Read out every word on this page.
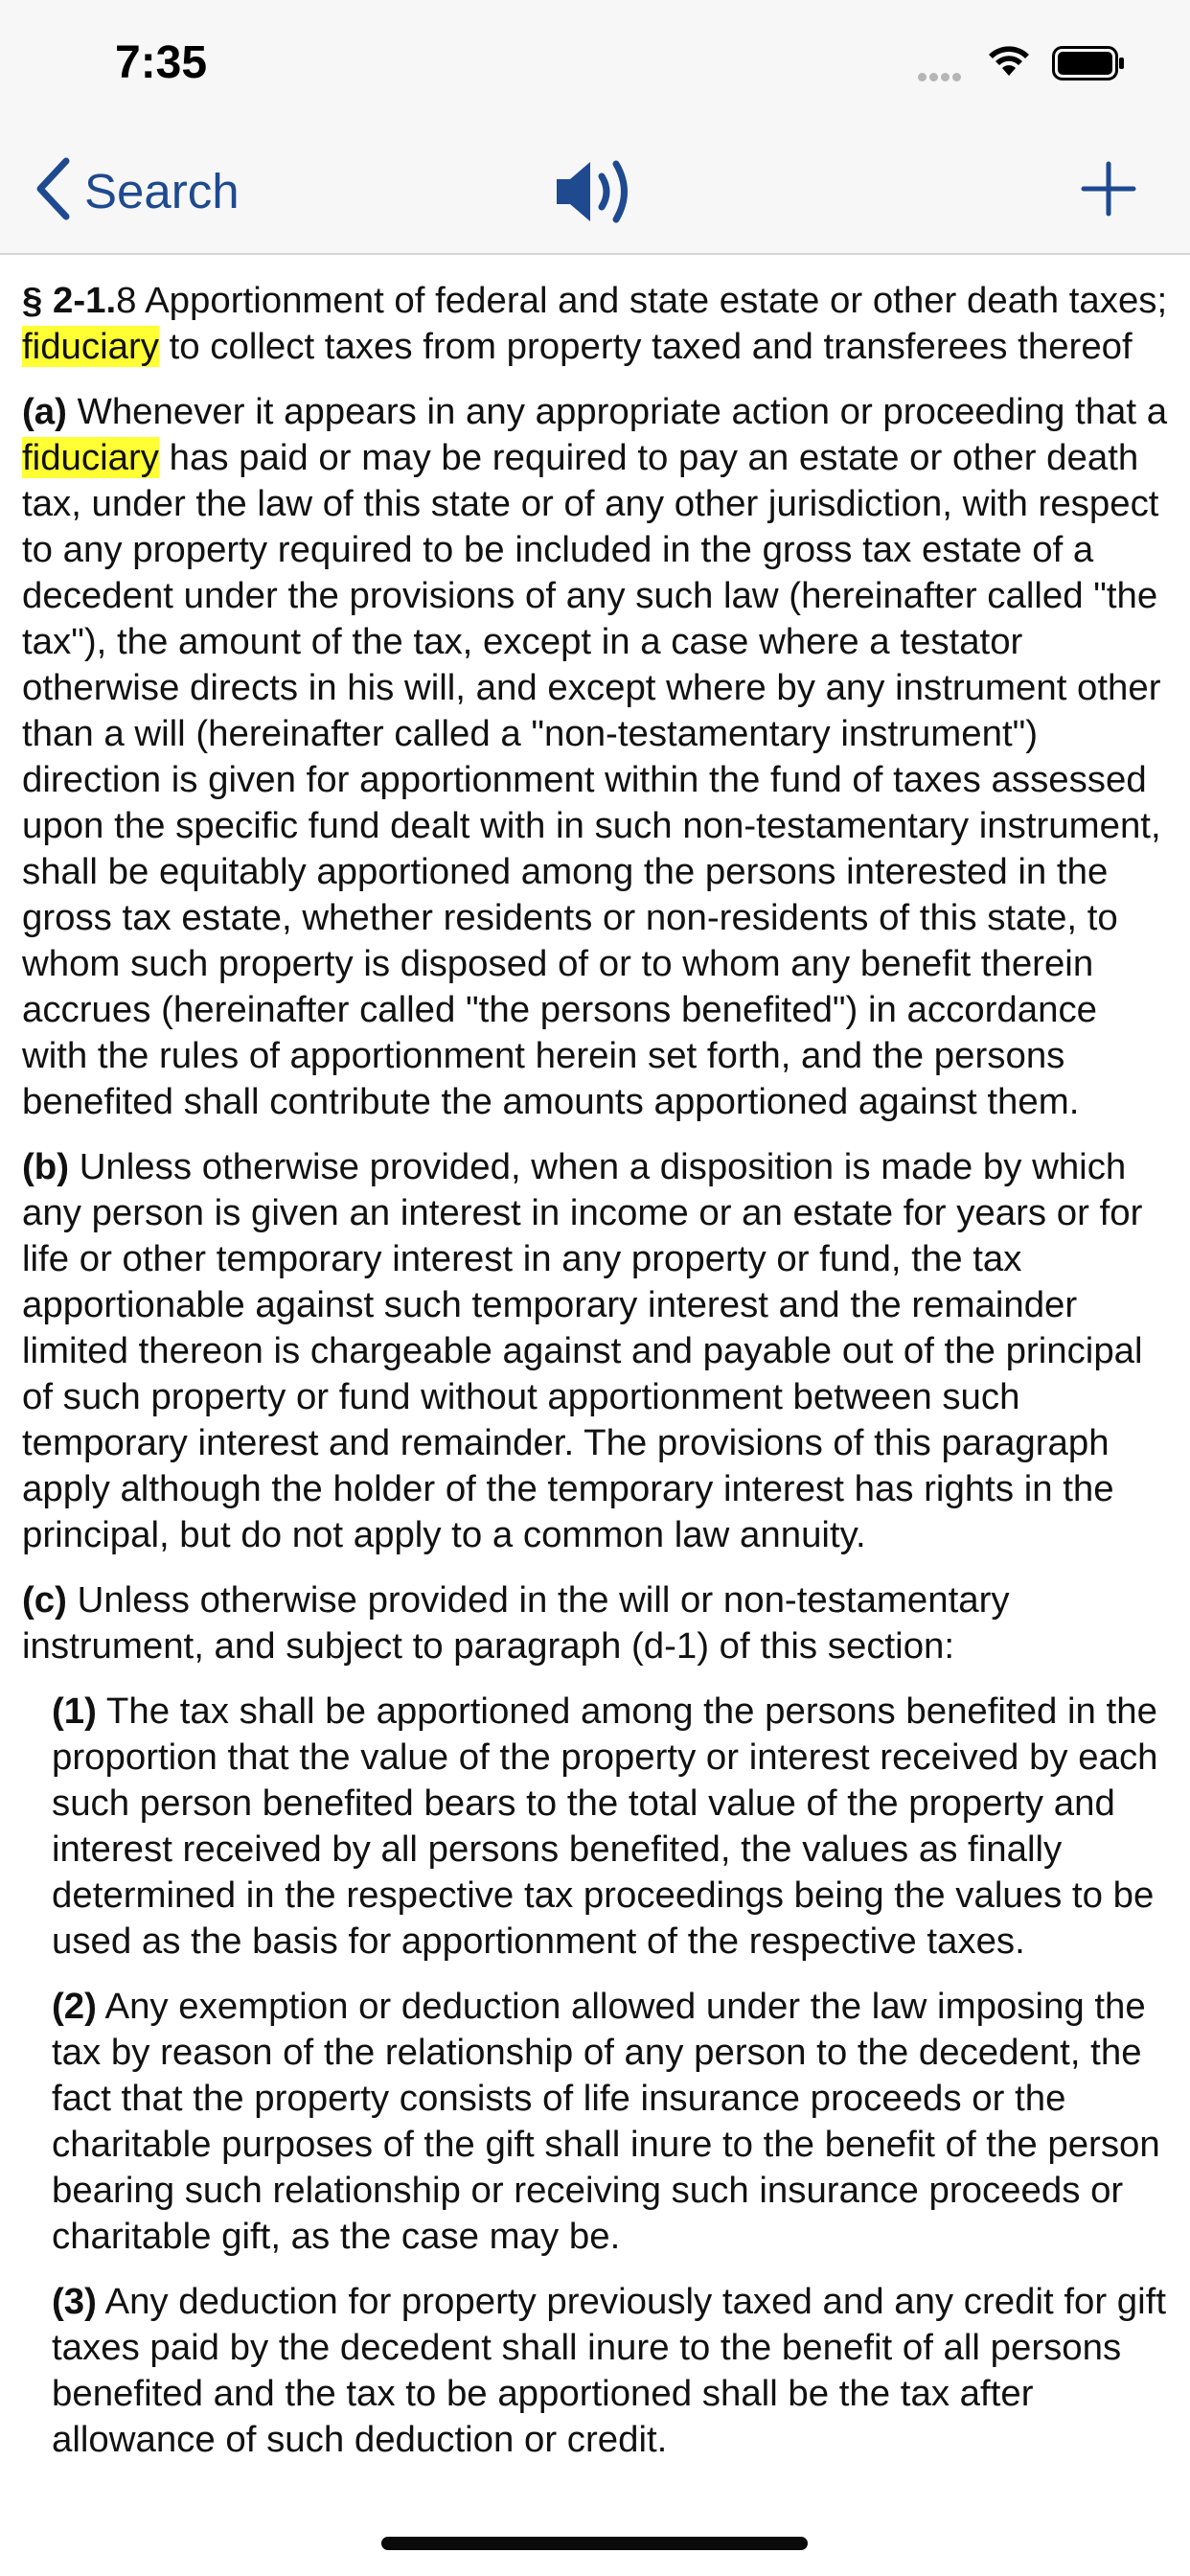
7:35
Search

§ 2-1.8 Apportionment of federal and state estate or other death taxes; fiduciary to collect taxes from property taxed and transferees thereof

(a) Whenever it appears in any appropriate action or proceeding that a fiduciary has paid or may be required to pay an estate or other death tax, under the law of this state or of any other jurisdiction, with respect to any property required to be included in the gross tax estate of a decedent under the provisions of any such law (hereinafter called "the tax"), the amount of the tax, except in a case where a testator otherwise directs in his will, and except where by any instrument other than a will (hereinafter called a "non-testamentary instrument") direction is given for apportionment within the fund of taxes assessed upon the specific fund dealt with in such non-testamentary instrument, shall be equitably apportioned among the persons interested in the gross tax estate, whether residents or non-residents of this state, to whom such property is disposed of or to whom any benefit therein accrues (hereinafter called "the persons benefited") in accordance with the rules of apportionment herein set forth, and the persons benefited shall contribute the amounts apportioned against them.

(b) Unless otherwise provided, when a disposition is made by which any person is given an interest in income or an estate for years or for life or other temporary interest in any property or fund, the tax apportionable against such temporary interest and the remainder limited thereon is chargeable against and payable out of the principal of such property or fund without apportionment between such temporary interest and remainder. The provisions of this paragraph apply although the holder of the temporary interest has rights in the principal, but do not apply to a common law annuity.

(c) Unless otherwise provided in the will or non-testamentary instrument, and subject to paragraph (d-1) of this section:

(1) The tax shall be apportioned among the persons benefited in the proportion that the value of the property or interest received by each such person benefited bears to the total value of the property and interest received by all persons benefited, the values as finally determined in the respective tax proceedings being the values to be used as the basis for apportionment of the respective taxes.

(2) Any exemption or deduction allowed under the law imposing the tax by reason of the relationship of any person to the decedent, the fact that the property consists of life insurance proceeds or the charitable purposes of the gift shall inure to the benefit of the person bearing such relationship or receiving such insurance proceeds or charitable gift, as the case may be.

(3) Any deduction for property previously taxed and any credit for gift taxes paid by the decedent shall inure to the benefit of all persons benefited and the tax to be apportioned shall be the tax after allowance of such deduction or credit.
